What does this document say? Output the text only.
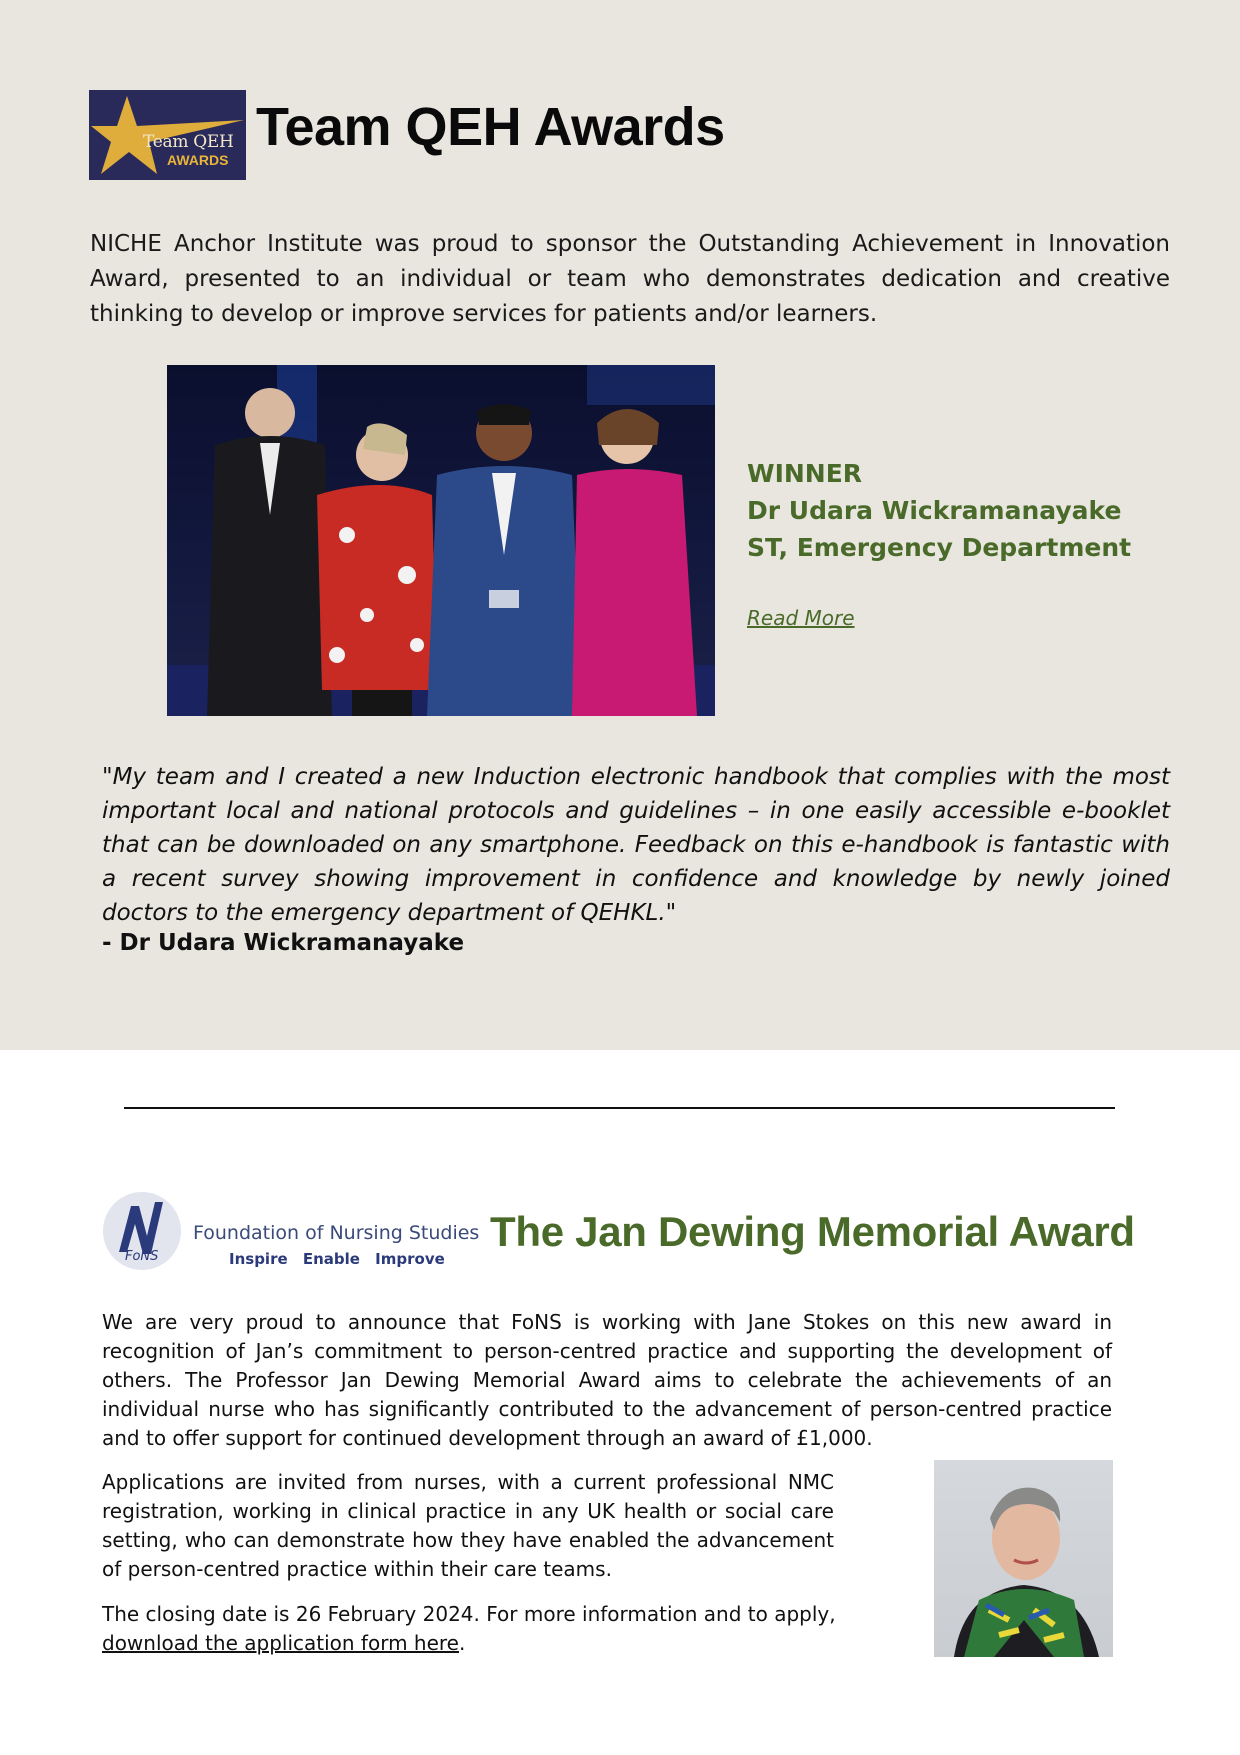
Team QEH
AWARDS
Team QEH Awards

NICHE Anchor Institute was proud to sponsor the Outstanding Achievement in Innovation Award, presented to an individual or team who demonstrates dedication and creative thinking to develop or improve services for patients and/or learners.

WINNER
Dr Udara Wickramanayake
ST, Emergency Department
Read More

"My team and I created a new Induction electronic handbook that complies with the most important local and national protocols and guidelines – in one easily accessible e-booklet that can be downloaded on any smartphone. Feedback on this e-handbook is fantastic with a recent survey showing improvement in confidence and knowledge by newly joined doctors to the emergency department of QEHKL."

- Dr Udara Wickramanayake

FoNS
Foundation of Nursing Studies
Inspire Enable Improve
The Jan Dewing Memorial Award

We are very proud to announce that FoNS is working with Jane Stokes on this new award in recognition of Jan’s commitment to person-centred practice and supporting the development of others. The Professor Jan Dewing Memorial Award aims to celebrate the achievements of an individual nurse who has significantly contributed to the advancement of person-centred practice and to offer support for continued development through an award of £1,000.

Applications are invited from nurses, with a current professional NMC registration, working in clinical practice in any UK health or social care setting, who can demonstrate how they have enabled the advancement of person-centred practice within their care teams.

The closing date is 26 February 2024. For more information and to apply, download the application form here.
